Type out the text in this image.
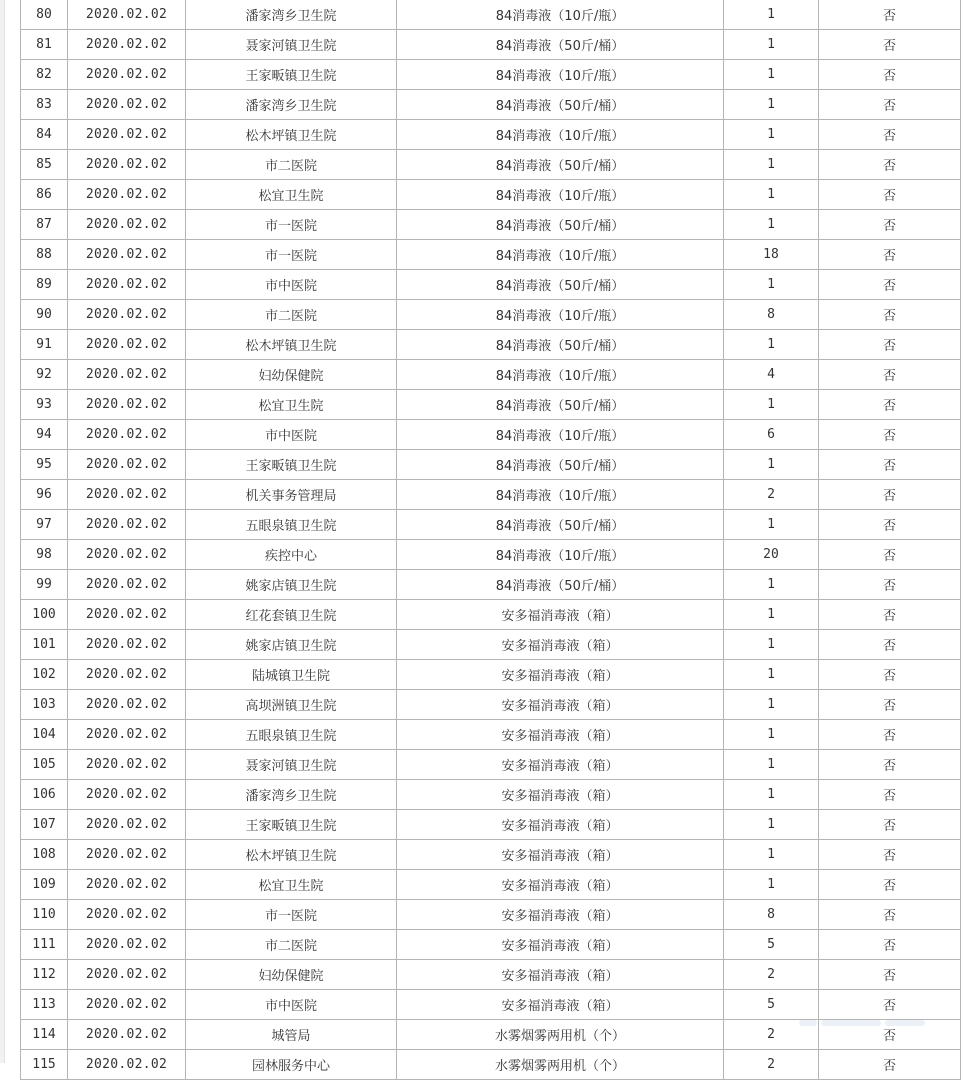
80	2020.02.02	潘家湾乡卫生院	84消毒液（10斤/瓶）	1	否
81	2020.02.02	聂家河镇卫生院	84消毒液（50斤/桶）	1	否
82	2020.02.02	王家畈镇卫生院	84消毒液（10斤/瓶）	1	否
83	2020.02.02	潘家湾乡卫生院	84消毒液（50斤/桶）	1	否
84	2020.02.02	松木坪镇卫生院	84消毒液（10斤/瓶）	1	否
85	2020.02.02	市二医院	84消毒液（50斤/桶）	1	否
86	2020.02.02	松宜卫生院	84消毒液（10斤/瓶）	1	否
87	2020.02.02	市一医院	84消毒液（50斤/桶）	1	否
88	2020.02.02	市一医院	84消毒液（10斤/瓶）	18	否
89	2020.02.02	市中医院	84消毒液（50斤/桶）	1	否
90	2020.02.02	市二医院	84消毒液（10斤/瓶）	8	否
91	2020.02.02	松木坪镇卫生院	84消毒液（50斤/桶）	1	否
92	2020.02.02	妇幼保健院	84消毒液（10斤/瓶）	4	否
93	2020.02.02	松宜卫生院	84消毒液（50斤/桶）	1	否
94	2020.02.02	市中医院	84消毒液（10斤/瓶）	6	否
95	2020.02.02	王家畈镇卫生院	84消毒液（50斤/桶）	1	否
96	2020.02.02	机关事务管理局	84消毒液（10斤/瓶）	2	否
97	2020.02.02	五眼泉镇卫生院	84消毒液（50斤/桶）	1	否
98	2020.02.02	疾控中心	84消毒液（10斤/瓶）	20	否
99	2020.02.02	姚家店镇卫生院	84消毒液（50斤/桶）	1	否
100	2020.02.02	红花套镇卫生院	安多福消毒液（箱）	1	否
101	2020.02.02	姚家店镇卫生院	安多福消毒液（箱）	1	否
102	2020.02.02	陆城镇卫生院	安多福消毒液（箱）	1	否
103	2020.02.02	高坝洲镇卫生院	安多福消毒液（箱）	1	否
104	2020.02.02	五眼泉镇卫生院	安多福消毒液（箱）	1	否
105	2020.02.02	聂家河镇卫生院	安多福消毒液（箱）	1	否
106	2020.02.02	潘家湾乡卫生院	安多福消毒液（箱）	1	否
107	2020.02.02	王家畈镇卫生院	安多福消毒液（箱）	1	否
108	2020.02.02	松木坪镇卫生院	安多福消毒液（箱）	1	否
109	2020.02.02	松宜卫生院	安多福消毒液（箱）	1	否
110	2020.02.02	市一医院	安多福消毒液（箱）	8	否
111	2020.02.02	市二医院	安多福消毒液（箱）	5	否
112	2020.02.02	妇幼保健院	安多福消毒液（箱）	2	否
113	2020.02.02	市中医院	安多福消毒液（箱）	5	否
114	2020.02.02	城管局	水雾烟雾两用机（个）	2	否
115	2020.02.02	园林服务中心	水雾烟雾两用机（个）	2	否
